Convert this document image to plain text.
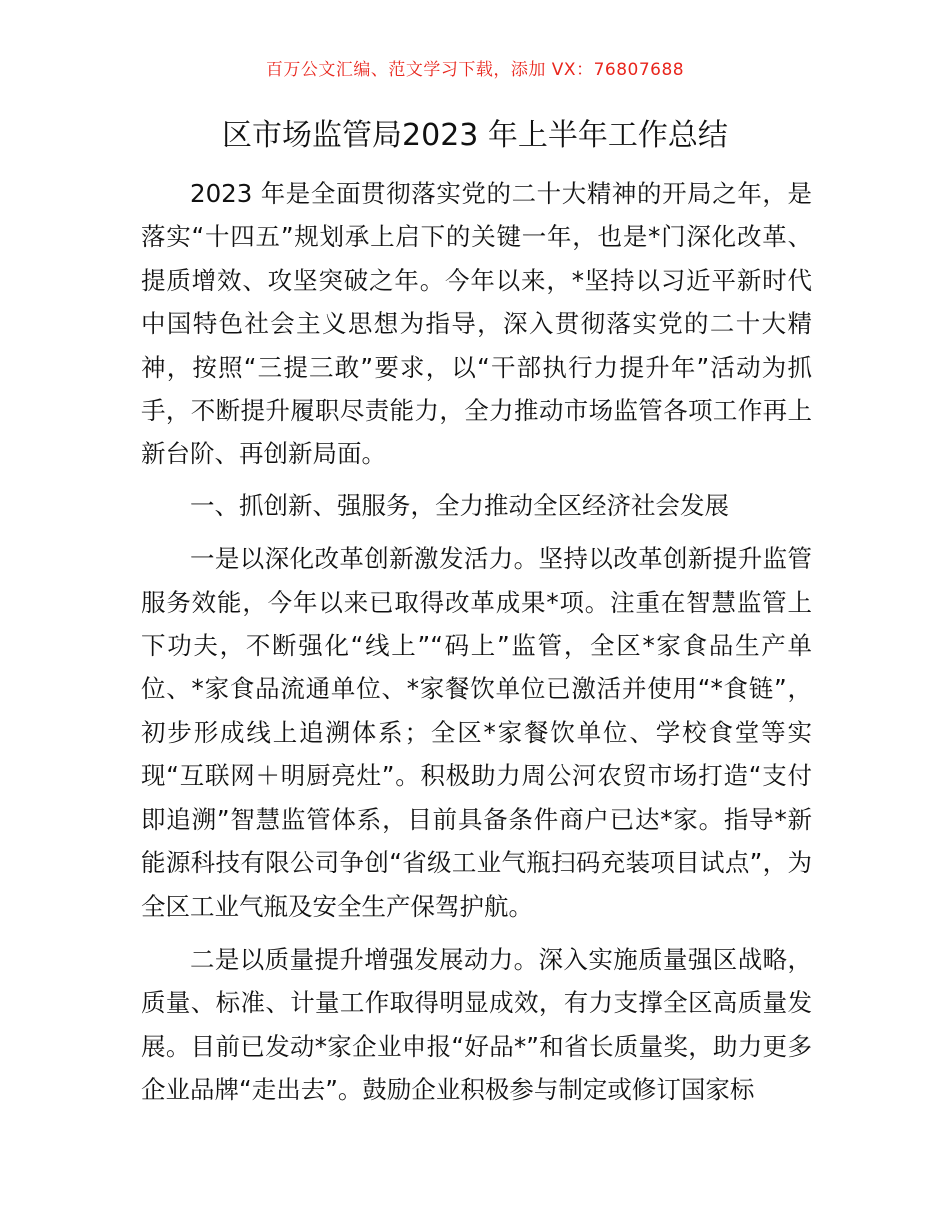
百万公文汇编、范文学习下载，添加 VX：76807688
区市场监管局2023 年上半年工作总结

2023 年是全面贯彻落实党的二十大精神的开局之年，是落实“十四五”规划承上启下的关键一年，也是*门深化改革、提质增效、攻坚突破之年。今年以来，*坚持以习近平新时代中国特色社会主义思想为指导，深入贯彻落实党的二十大精神，按照“三提三敢”要求，以“干部执行力提升年”活动为抓手，不断提升履职尽责能力，全力推动市场监管各项工作再上新台阶、再创新局面。

一、抓创新、强服务，全力推动全区经济社会发展

一是以深化改革创新激发活力。坚持以改革创新提升监管服务效能，今年以来已取得改革成果*项。注重在智慧监管上下功夫，不断强化“线上”“码上”监管，全区*家食品生产单位、*家食品流通单位、*家餐饮单位已激活并使用“*食链”，初步形成线上追溯体系；全区*家餐饮单位、学校食堂等实现“互联网＋明厨亮灶”。积极助力周公河农贸市场打造“支付即追溯”智慧监管体系，目前具备条件商户已达*家。指导*新能源科技有限公司争创“省级工业气瓶扫码充装项目试点”，为全区工业气瓶及安全生产保驾护航。

二是以质量提升增强发展动力。深入实施质量强区战略，质量、标准、计量工作取得明显成效，有力支撑全区高质量发展。目前已发动*家企业申报“好品*”和省长质量奖，助力更多企业品牌“走出去”。鼓励企业积极参与制定或修订国家标
